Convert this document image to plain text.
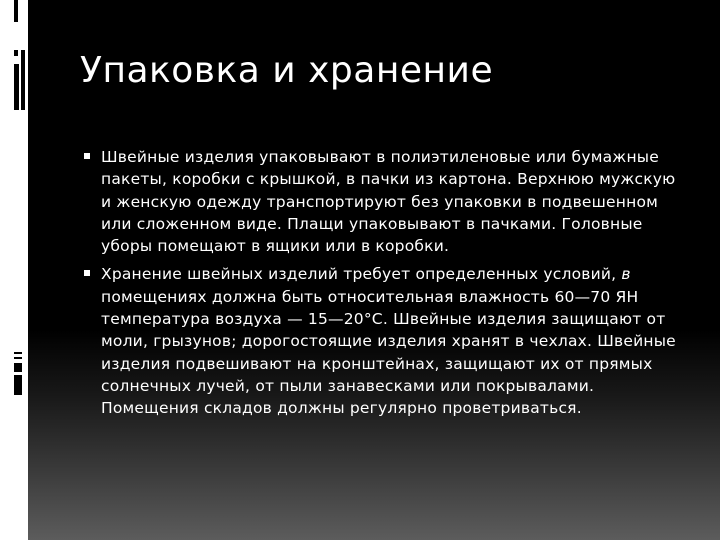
Упаковка и хранение
Швейные изделия упаковывают в полиэтиленовые или бумажные пакеты, коробки с крышкой, в пачки из картона. Верхнюю мужскую и женскую одежду транспортируют без упаковки в подвешенном или сложенном виде. Плащи упаковывают в пачками. Головные уборы помещают в ящики или в коробки.
Хранение швейных изделий требует определенных условий, в помещениях должна быть относительная влажность 60—70 ЯН температура воздуха — 15—20°С. Швейные изделия защищают от моли, грызунов; дорогостоящие изделия хранят в чехлах. Швейные изделия подвешивают на кронштейнах, защищают их от прямых солнечных лучей, от пыли занавесками или покрывалами. Помещения складов должны регулярно проветриваться.
